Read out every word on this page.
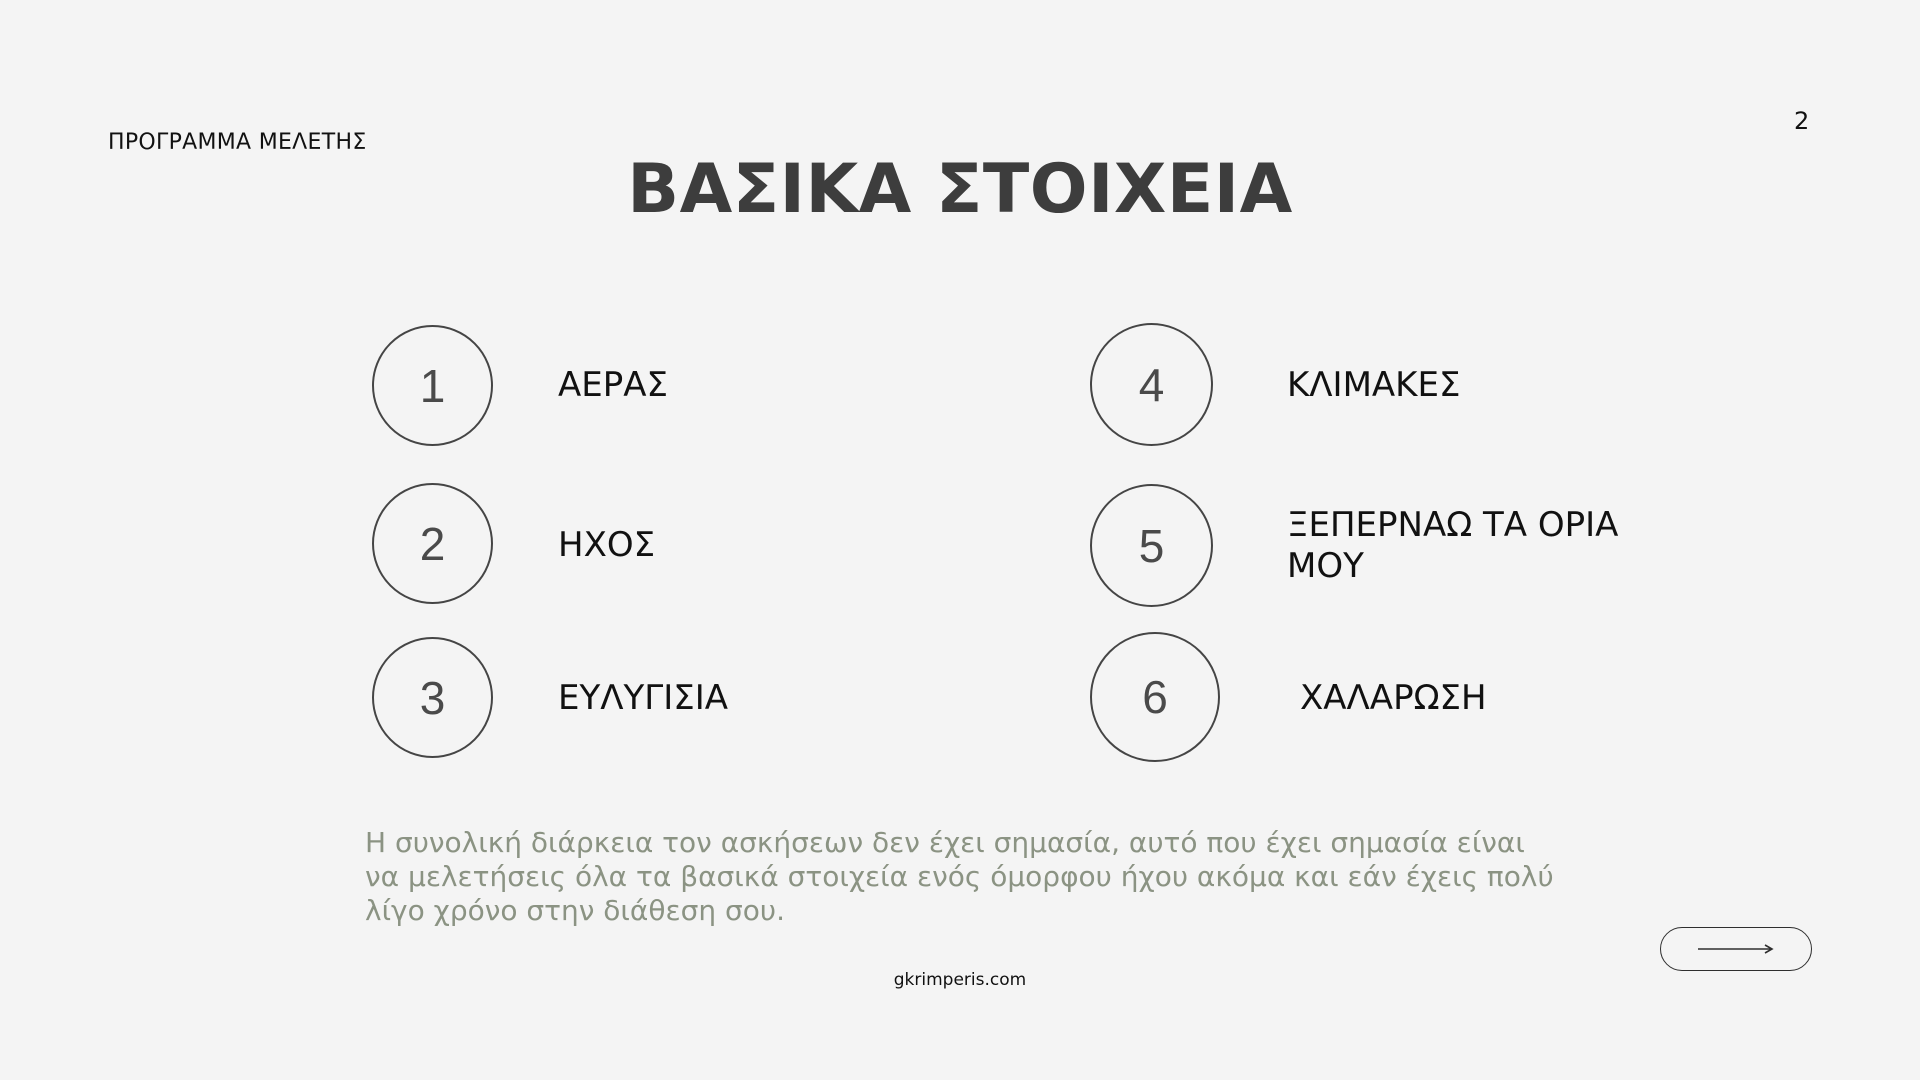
ΠΡΟΓΡΑΜΜΑ ΜΕΛΕΤΗΣ
2
ΒΑΣΙΚΑ ΣΤΟΙΧΕΙΑ
1	ΑΕΡΑΣ
2	ΗΧΟΣ
3	ΕΥΛΥΓΙΣΙΑ
4	ΚΛΙΜΑΚΕΣ
5	ΞΕΠΕΡΝΑΩ ΤΑ ΟΡΙΑ ΜΟΥ
6	ΧΑΛΑΡΩΣΗ
Η συνολική διάρκεια τον ασκήσεων δεν έχει σημασία, αυτό που έχει σημασία είναι να μελετήσεις όλα τα βασικά στοιχεία ενός όμορφου ήχου ακόμα και εάν έχεις πολύ λίγο χρόνο στην διάθεση σου.
gkrimperis.com
